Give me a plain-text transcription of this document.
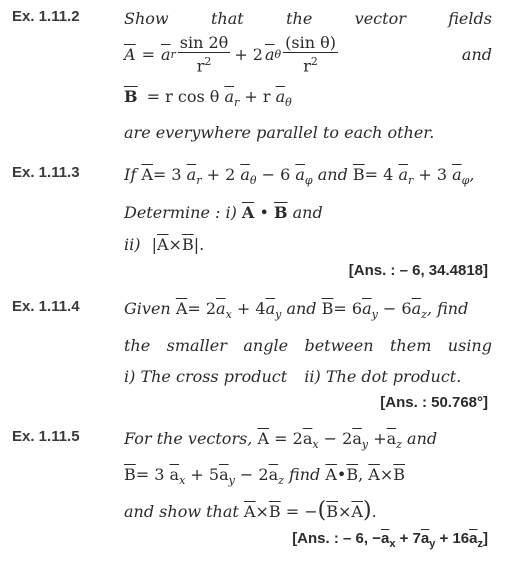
Ex. 1.11.2	Show	that	the	vector	fields
$\overline{A} = \overline{a}$ r $\frac{\sin 2\theta}{r^2} + 2$ $\overline{a}$ θ $\frac{\text{(sin θ)}}{r^2}$	and
$\overline{B} = r$ cos θ $\overline{a}_r + r$ $\overline{a}_\theta$
are everywhere parallel to each other.
Ex. 1.11.3	If $\overline{A}= 3$ $\overline{a}_r + 2$ $\overline{a}_\theta - 6$ $\overline{a}_\varphi$ and $\overline{B}= 4$ $\overline{a}_r + 3$ $\overline{a}_\varphi$,
Determine : i) $\overline{A}$ • $\overline{B}$ and
ii) $|\overline{A}\times\overline{B}|$.
[Ans. : – 6, 34.4818]
Ex. 1.11.4	Given $\overline{A}= 2\overline{a}_x + 4\overline{a}_y$ and $\overline{B}= 6\overline{a}_y - 6\overline{a}_z$, find
the smaller angle between them using
i) The cross product ii) The dot product.
[Ans. : 50.768°]
Ex. 1.11.5	For the vectors, $\overline{A} = 2\overline{a}_x - 2\overline{a}_y +\overline{a}_z$ and
$\overline{B}= 3$ $\overline{a}_x + 5\overline{a}_y - 2\overline{a}_z$ find $\overline{A}•\overline{B}$, $\overline{A}\times\overline{B}$
and show that $\overline{A}\times\overline{B} = -(\overline{B}\times\overline{A})$.
[Ans. : – 6, $-\overline{a}_x + 7\overline{a}_y + 16\overline{a}_z$]
